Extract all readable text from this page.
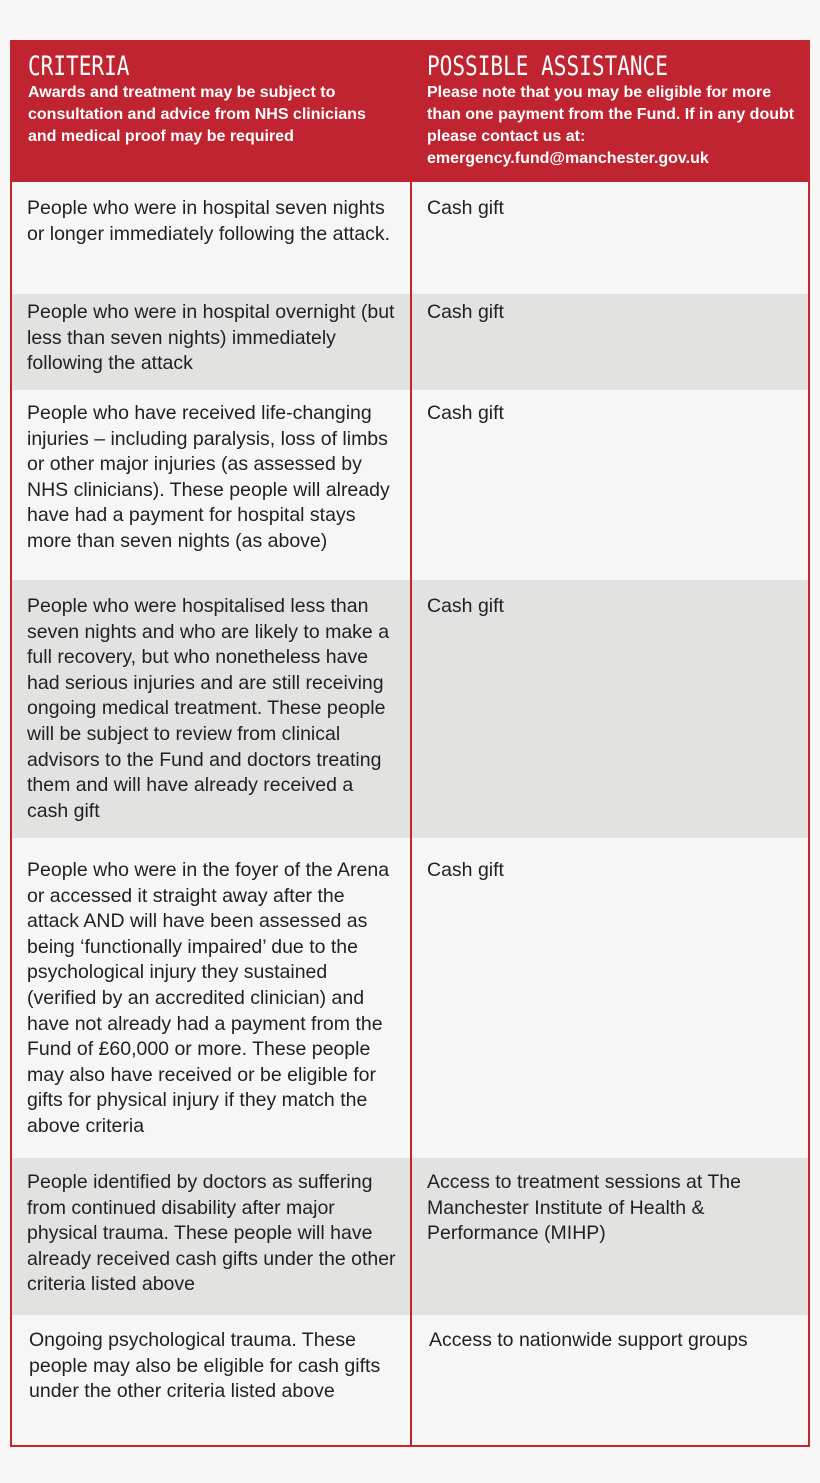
CRITERIA
Awards and treatment may be subject to consultation and advice from NHS clinicians and medical proof may be required
POSSIBLE ASSISTANCE
Please note that you may be eligible for more than one payment from the Fund. If in any doubt please contact us at:
emergency.fund@manchester.gov.uk
People who were in hospital seven nights or longer immediately following the attack.
Cash gift
People who were in hospital overnight (but less than seven nights) immediately following the attack
Cash gift
People who have received life-changing injuries – including paralysis, loss of limbs or other major injuries (as assessed by NHS clinicians). These people will already have had a payment for hospital stays more than seven nights (as above)
Cash gift
People who were hospitalised less than seven nights and who are likely to make a full recovery, but who nonetheless have had serious injuries and are still receiving ongoing medical treatment. These people will be subject to review from clinical advisors to the Fund and doctors treating them and will have already received a cash gift
Cash gift
People who were in the foyer of the Arena or accessed it straight away after the attack AND will have been assessed as being ‘functionally impaired’ due to the psychological injury they sustained (verified by an accredited clinician) and have not already had a payment from the Fund of £60,000 or more. These people may also have received or be eligible for gifts for physical injury if they match the above criteria
Cash gift
People identified by doctors as suffering from continued disability after major physical trauma. These people will have already received cash gifts under the other criteria listed above
Access to treatment sessions at The Manchester Institute of Health & Performance (MIHP)
Ongoing psychological trauma. These people may also be eligible for cash gifts under the other criteria listed above
Access to nationwide support groups
